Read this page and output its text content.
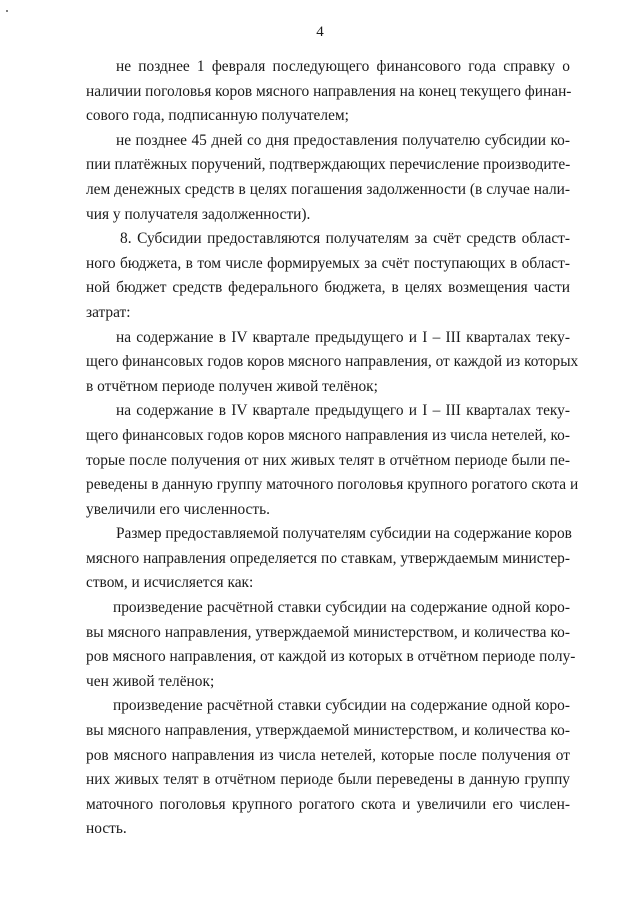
4
не позднее 1 февраля последующего финансового года справку о
наличии поголовья коров мясного направления на конец текущего финан-
сового года, подписанную получателем;
не позднее 45 дней со дня предоставления получателю субсидии ко-
пии платёжных поручений, подтверждающих перечисление производите-
лем денежных средств в целях погашения задолженности (в случае нали-
чия у получателя задолженности).
8. Субсидии предоставляются получателям за счёт средств област-
ного бюджета, в том числе формируемых за счёт поступающих в област-
ной бюджет средств федерального бюджета, в целях возмещения части
затрат:
на содержание в IV квартале предыдущего и I – III кварталах теку-
щего финансовых годов коров мясного направления, от каждой из которых
в отчётном периоде получен живой телёнок;
на содержание в IV квартале предыдущего и I – III кварталах теку-
щего финансовых годов коров мясного направления из числа нетелей, ко-
торые после получения от них живых телят в отчётном периоде были пе-
реведены в данную группу маточного поголовья крупного рогатого скота и
увеличили его численность.
Размер предоставляемой получателям субсидии на содержание коров
мясного направления определяется по ставкам, утверждаемым министер-
ством, и исчисляется как:
произведение расчётной ставки субсидии на содержание одной коро-
вы мясного направления, утверждаемой министерством, и количества ко-
ров мясного направления, от каждой из которых в отчётном периоде полу-
чен живой телёнок;
произведение расчётной ставки субсидии на содержание одной коро-
вы мясного направления, утверждаемой министерством, и количества ко-
ров мясного направления из числа нетелей, которые после получения от
них живых телят в отчётном периоде были переведены в данную группу
маточного поголовья крупного рогатого скота и увеличили его числен-
ность.
